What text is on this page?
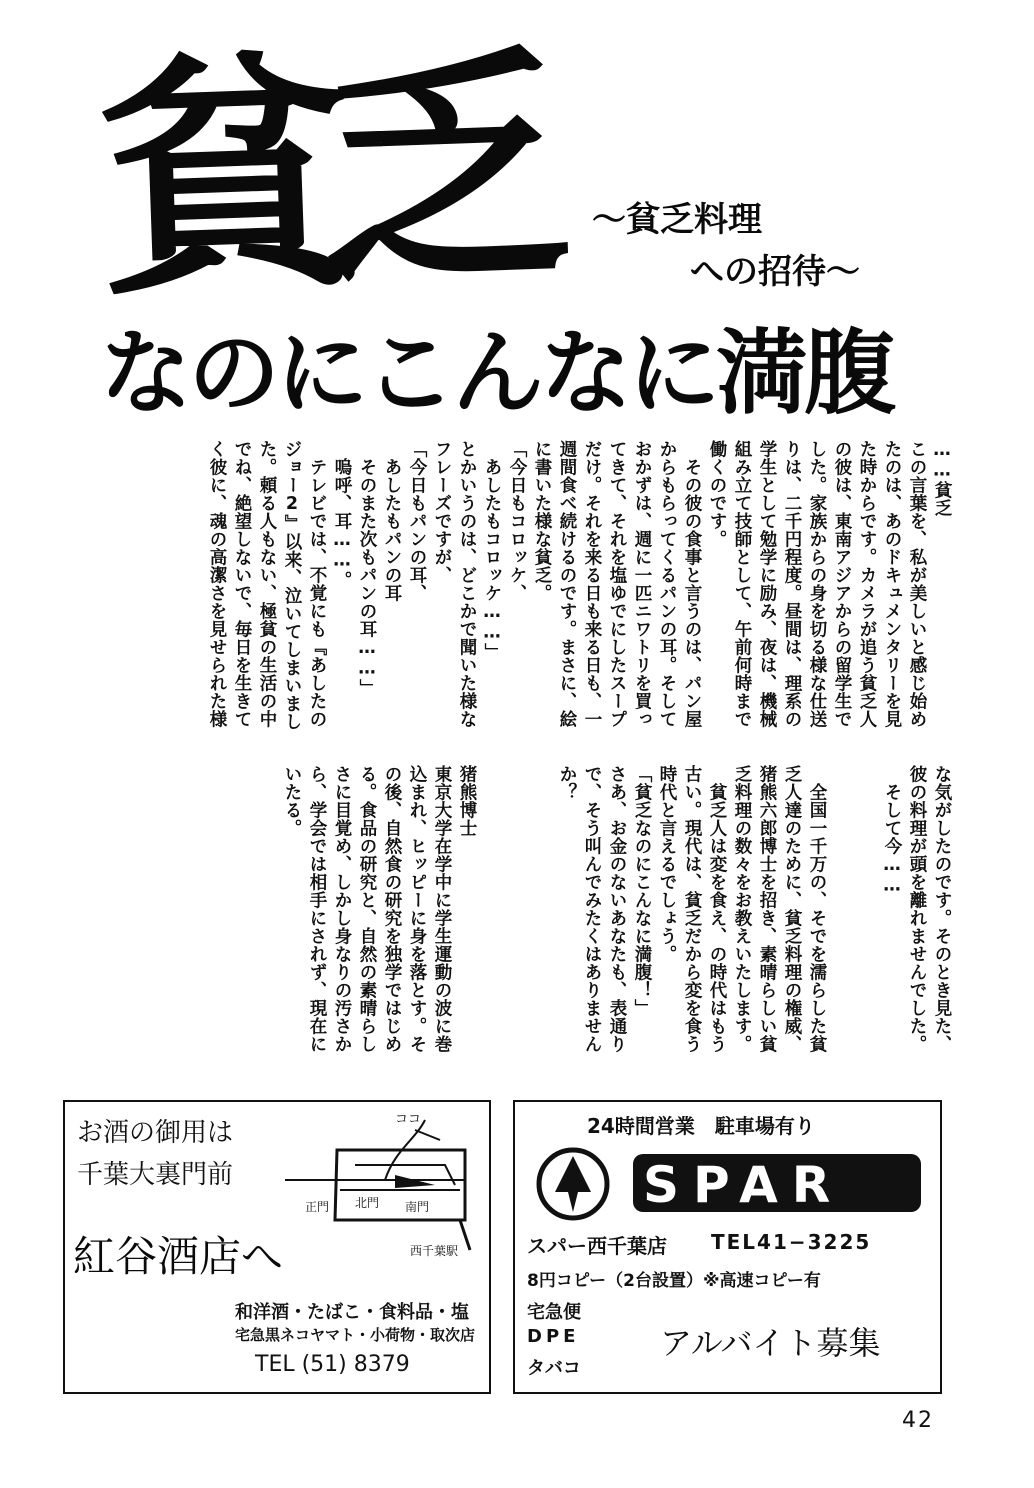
貧乏 ～貧乏料理
への招待～
なのにこんなに満腹
……貧乏
この言葉を、私が美しいと感じ始めたのは、あのドキュメンタリーを見た時からです。カメラが追う貧乏人の彼は、東南アジアからの留学生でした。家族からの身を切る様な仕送りは、二千円程度。昼間は、理系の学生として勉学に励み、夜は、機械組み立て技師として、午前何時まで働くのです。
　その彼の食事と言うのは、パン屋からもらってくるパンの耳。そしておかずは、週に一匹ニワトリを買ってきて、それを塩ゆでにしたスープだけ。それを来る日も来る日も、一週間食べ続けるのです。まさに、絵に書いた様な貧乏。
「今日もコロッケ、
　あしたもコロッケ……」
とかいうのは、どこかで聞いた様なフレーズですが、
「今日もパンの耳、
　あしたもパンの耳
　そのまた次もパンの耳……」
　嗚呼、耳……。
　テレビでは、不覚にも『あしたのジョー2』以来、泣いてしまいました。頼る人もない、極貧の生活の中でね、絶望しないで、毎日を生きてく彼に、魂の高潔さを見せられた様
な気がしたのです。そのとき見た、彼の料理が頭を離れませんでした。
　そして今……

　全国一千万の、そでを濡らした貧乏人達のために、貧乏料理の権威、猪熊六郎博士を招き、素晴らしい貧乏料理の数々をお教えいたします。
　貧乏人は変を食え、の時代はもう古い。現代は、貧乏だから変を食う時代と言えるでしょう。
「貧乏なのにこんなに満腹！」
さあ、お金のないあなたも、表通りで、そう叫んでみたくはありませんか？

猪熊博士
東京大学在学中に学生運動の波に巻込まれ、ヒッピーに身を落とす。その後、自然食の研究を独学ではじめる。食品の研究と、自然の素晴らしさに目覚め、しかし身なりの汚さから、学会では相手にされず、現在にいたる。
お酒の御用は
千葉大裏門前
紅谷酒店へ
ココ
正門 北門 南門
西千葉駅
和洋酒・たばこ・食料品・塩
宅急黒ネコヤマト・小荷物・取次店
TEL (51) 8379
24時間営業　駐車場有り
SPAR
スパー西千葉店 TEL41−3225
8円コピー（2台設置）※高速コピー有
宅急便
DPE
タバコ
アルバイト募集
42
